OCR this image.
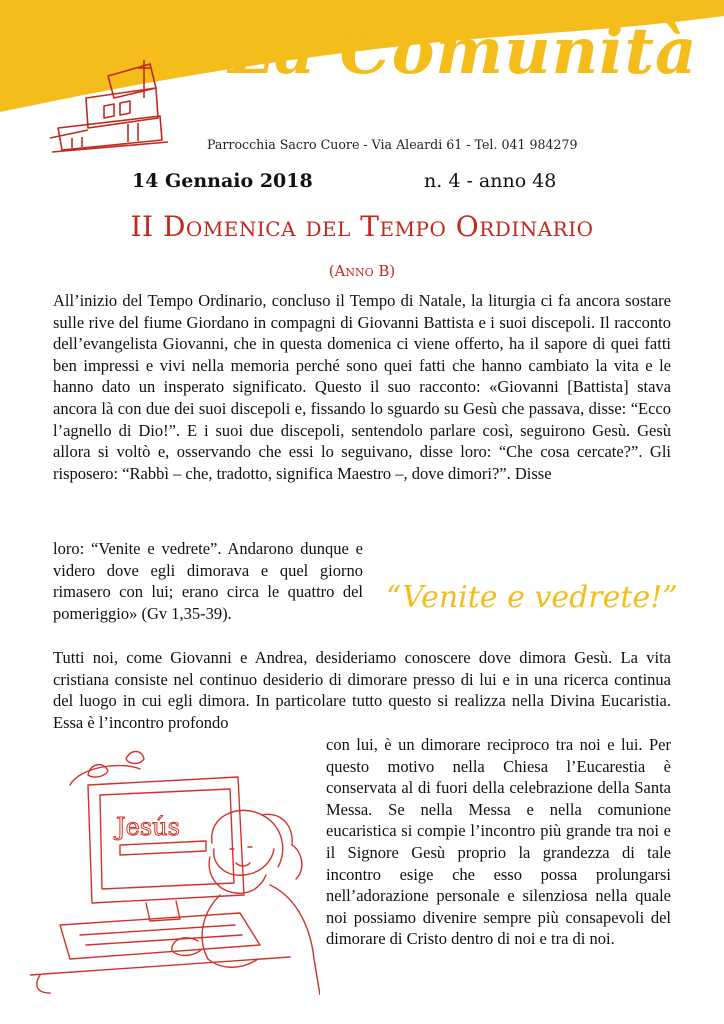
La Comunità
Parrocchia Sacro Cuore - Via Aleardi 61 - Tel. 041 984279
14 Gennaio 2018	n. 4 - anno 48
II Domenica del Tempo Ordinario
(Anno B)
All’inizio del Tempo Ordinario, concluso il Tempo di Natale, la liturgia ci fa ancora sostare sulle rive del fiume Giordano in compagni di Giovanni Battista e i suoi discepoli. Il racconto dell’evangelista Giovanni, che in questa domenica ci viene offerto, ha il sapore di quei fatti ben impressi e vivi nella memoria perché sono quei fatti che hanno cambiato la vita e le hanno dato un insperato significato. Questo il suo racconto: «Giovanni [Battista] stava ancora là con due dei suoi discepoli e, fissando lo sguardo su Gesù che passava, disse: “Ecco l’agnello di Dio!”. E i suoi due discepoli, sentendolo parlare così, seguirono Gesù. Gesù allora si voltò e, osservando che essi lo seguivano, disse loro: “Che cosa cercate?”. Gli risposero: “Rabbì – che, tradotto, significa Maestro –, dove dimori?”. Disse
loro: “Venite e vedrete”. Andarono dunque e videro dove egli dimorava e quel giorno rimasero con lui; erano circa le quattro del pomeriggio» (Gv 1,35-39).	“Venite e vedrete!”
Tutti noi, come Giovanni e Andrea, desideriamo conoscere dove dimora Gesù. La vita cristiana consiste nel continuo desiderio di dimorare presso di lui e in una ricerca continua del luogo in cui egli dimora. In particolare tutto questo si realizza nella Divina Eucaristia. Essa è l’incontro profondo
con lui, è un dimorare reciproco tra noi e lui. Per questo motivo nella Chiesa l’Eucarestia è conservata al di fuori della celebrazione della Santa Messa. Se nella Messa e nella comunione eucaristica si compie l’incontro più grande tra noi e il Signore Gesù proprio la grandezza di tale incontro esige che esso possa prolungarsi nell’adorazione personale e silenziosa nella quale noi possiamo divenire sempre più consapevoli del dimorare di Cristo dentro di noi e tra di noi.
Jesús
